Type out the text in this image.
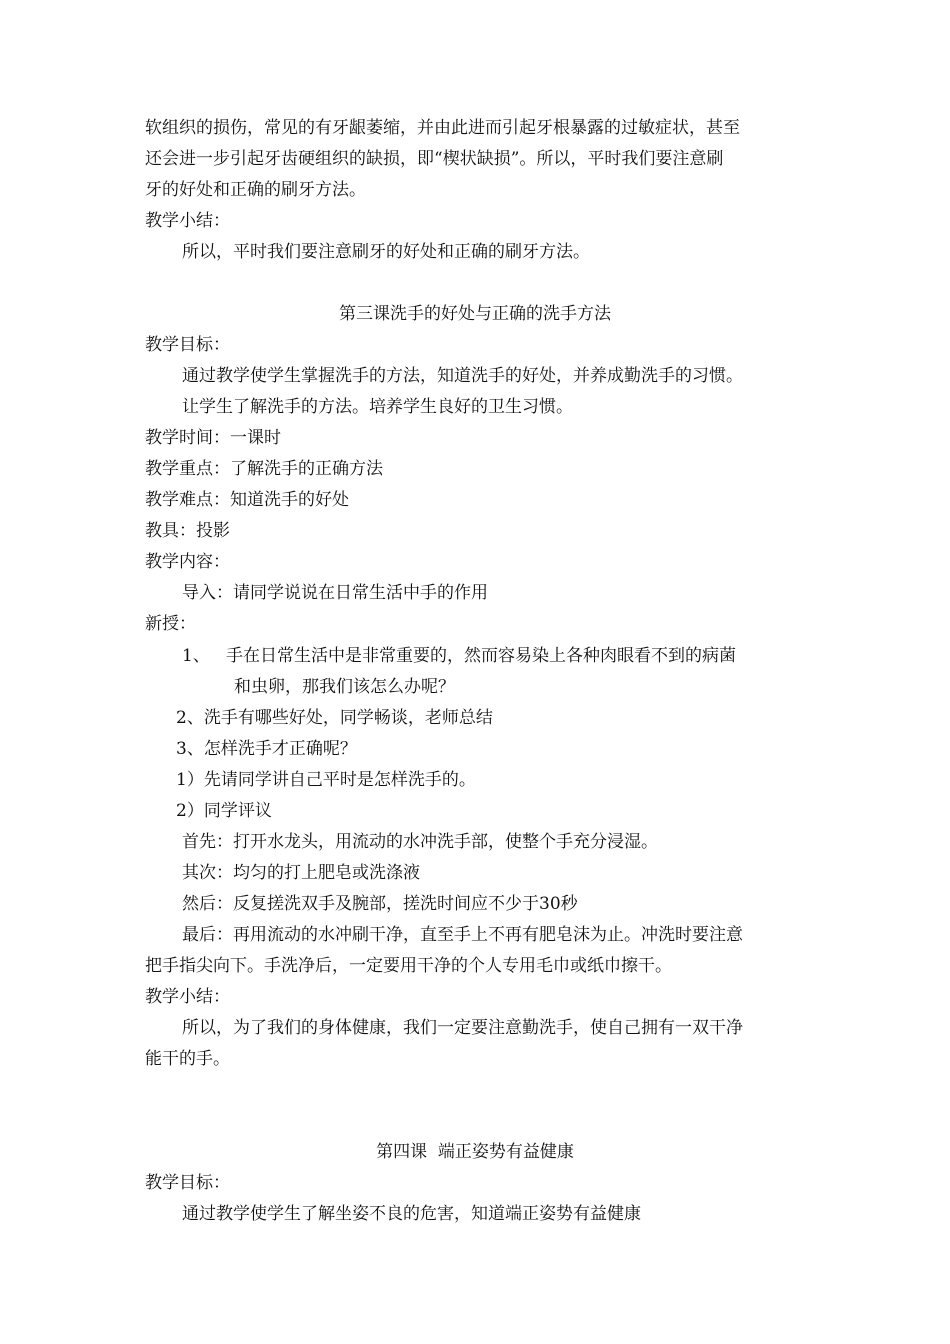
软组织的损伤，常见的有牙龈萎缩，并由此进而引起牙根暴露的过敏症状，甚至
还会进一步引起牙齿硬组织的缺损，即“楔状缺损”。所以，平时我们要注意刷
牙的好处和正确的刷牙方法。
教学小结：
所以，平时我们要注意刷牙的好处和正确的刷牙方法。
第三课洗手的好处与正确的洗手方法
教学目标：
通过教学使学生掌握洗手的方法，知道洗手的好处，并养成勤洗手的习惯。
让学生了解洗手的方法。培养学生良好的卫生习惯。
教学时间：一课时
教学重点：了解洗手的正确方法
教学难点：知道洗手的好处
教具：投影
教学内容：
导入：请同学说说在日常生活中手的作用
新授：
1、 手在日常生活中是非常重要的，然而容易染上各种肉眼看不到的病菌
和虫卵，那我们该怎么办呢？
2、洗手有哪些好处，同学畅谈，老师总结
3、怎样洗手才正确呢？
1）先请同学讲自己平时是怎样洗手的。
2）同学评议
首先：打开水龙头，用流动的水冲洗手部，使整个手充分浸湿。
其次：均匀的打上肥皂或洗涤液
然后：反复搓洗双手及腕部，搓洗时间应不少于30秒
最后：再用流动的水冲刷干净，直至手上不再有肥皂沫为止。冲洗时要注意
把手指尖向下。手洗净后，一定要用干净的个人专用毛巾或纸巾擦干。
教学小结：
所以，为了我们的身体健康，我们一定要注意勤洗手，使自己拥有一双干净
能干的手。
第四课  端正姿势有益健康
教学目标：
通过教学使学生了解坐姿不良的危害，知道端正姿势有益健康
